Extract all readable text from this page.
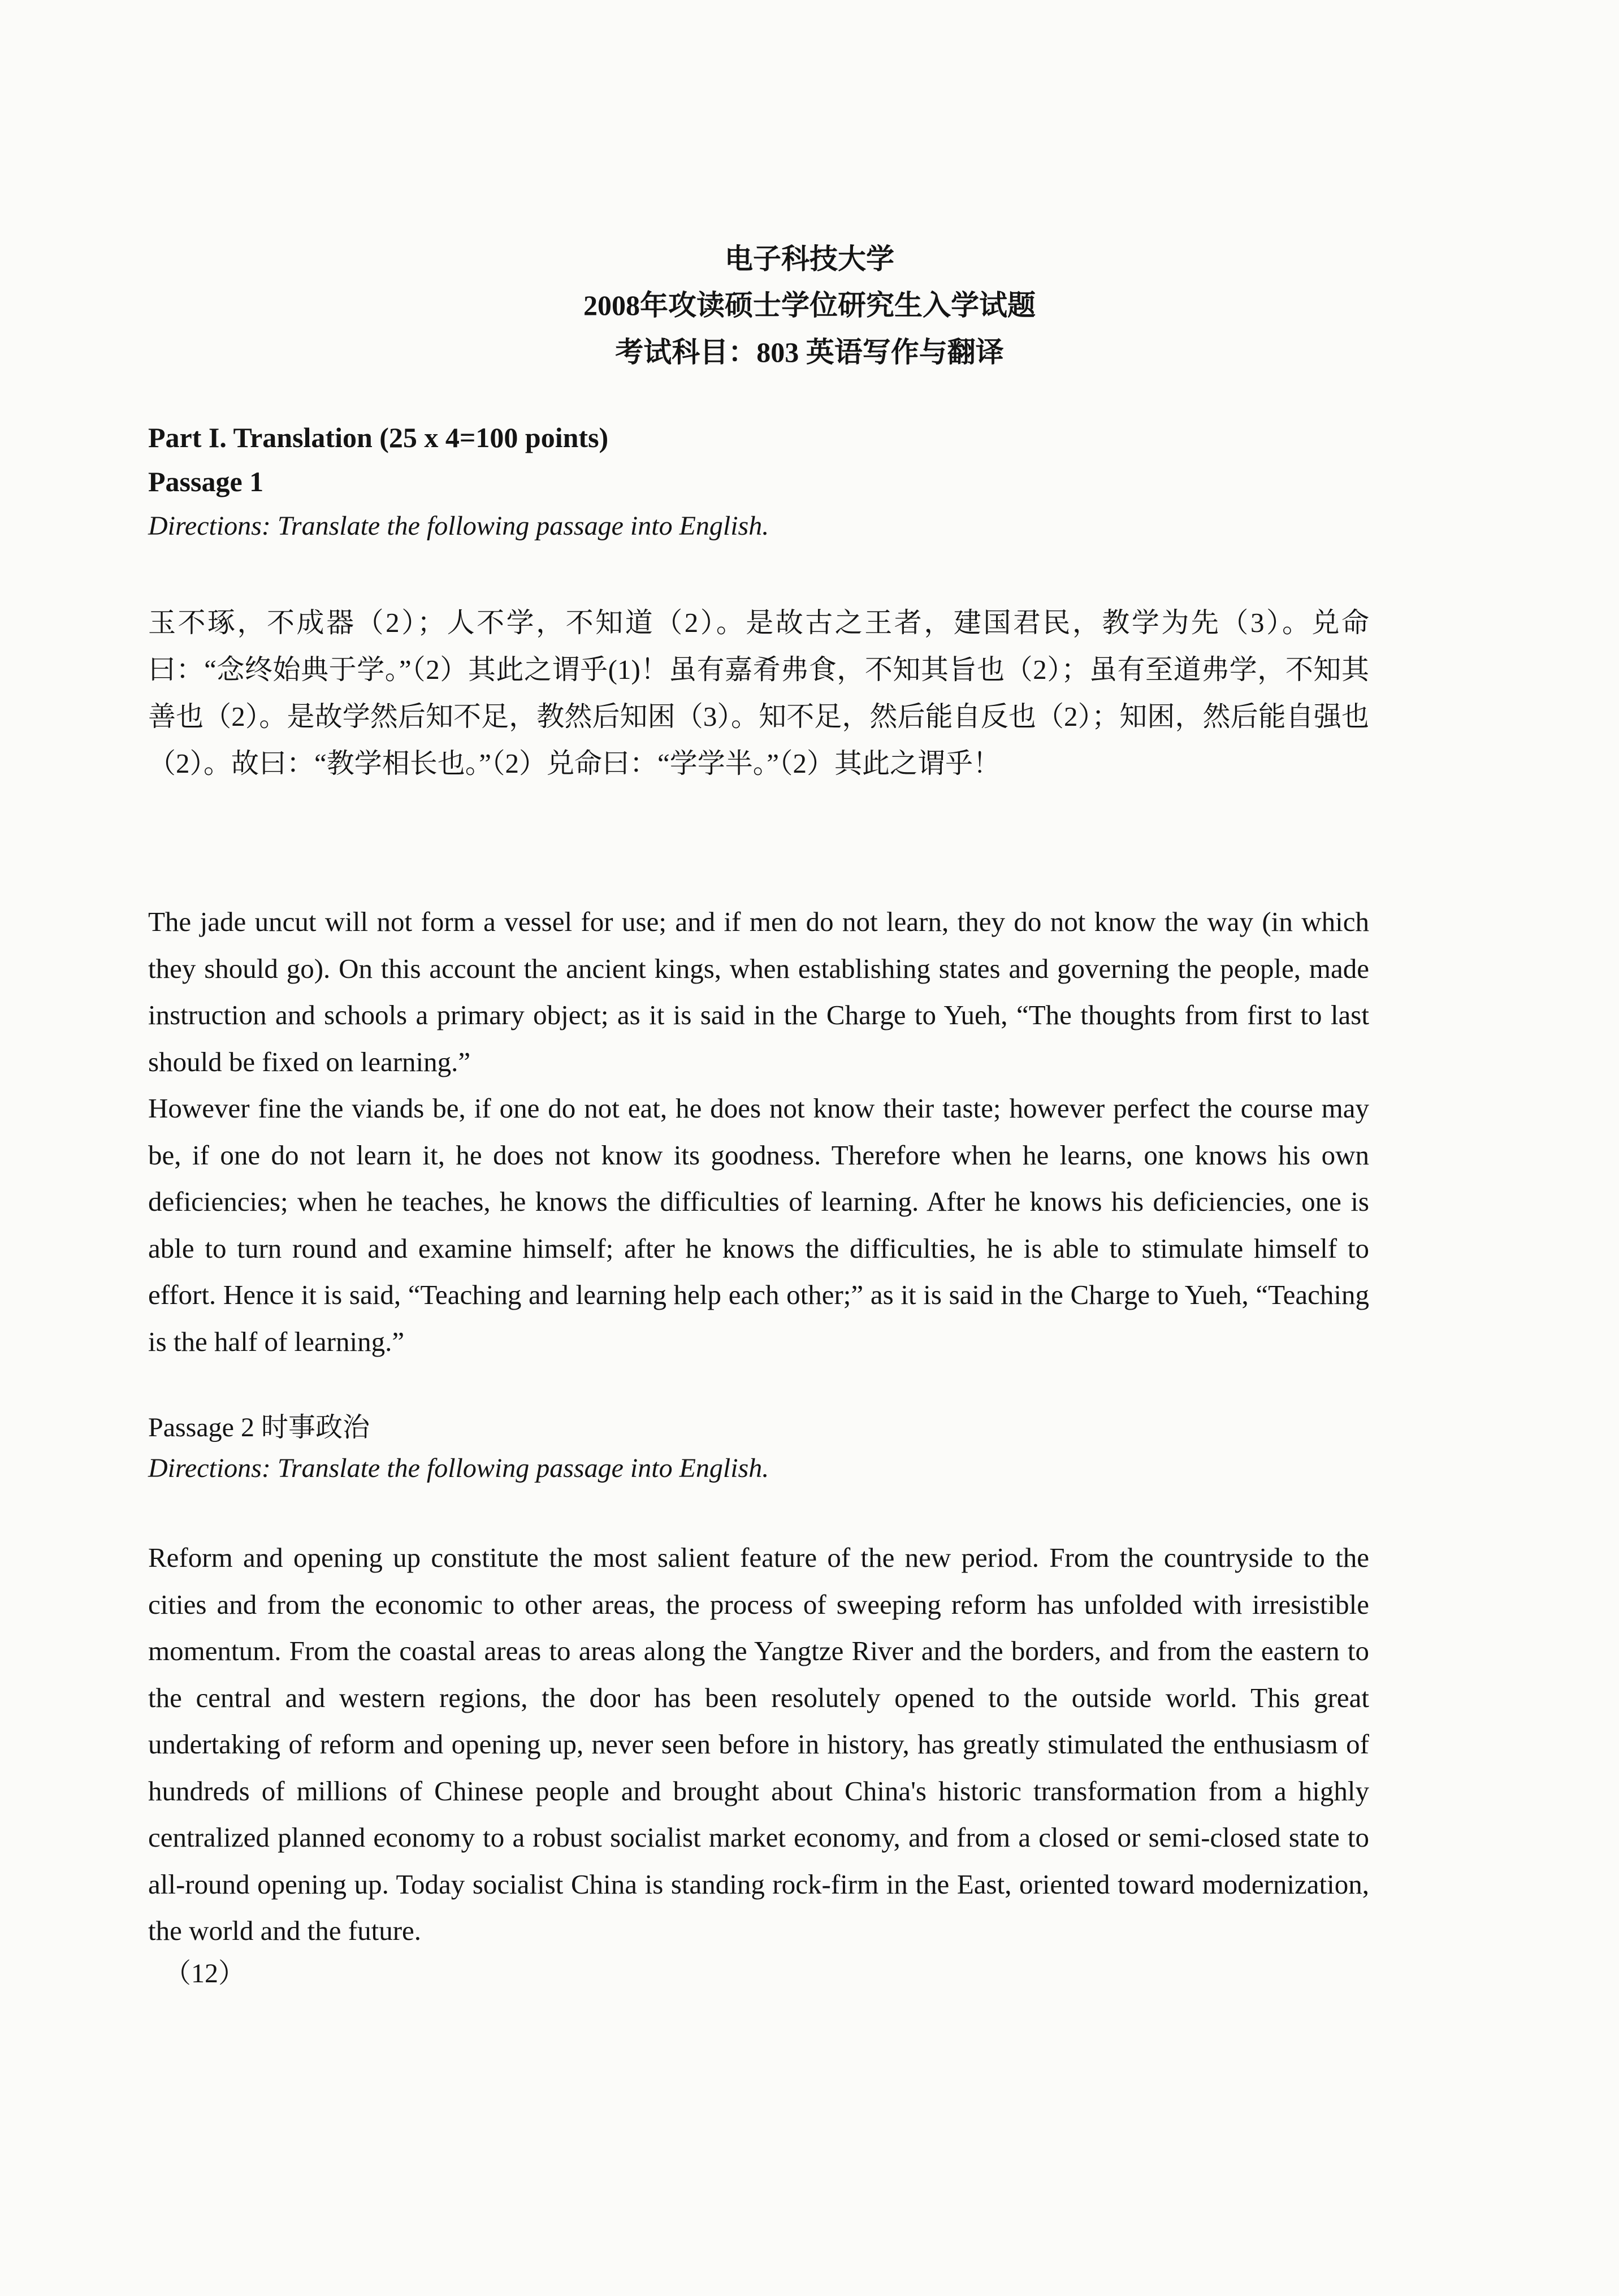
电子科技大学
2008年攻读硕士学位研究生入学试题
考试科目：803 英语写作与翻译
Part I. Translation (25 x 4=100 points)
Passage 1
Directions: Translate the following passage into English.

玉不琢，不成器（2）；人不学，不知道（2）。是故古之王者，建国君民，教学为先（3）。兑命曰：“念终始典于学。”（2）其此之谓乎(1)！虽有嘉肴弗食，不知其旨也（2）；虽有至道弗学，不知其善也（2）。是故学然后知不足，教然后知困（3）。知不足，然后能自反也（2）；知困，然后能自强也（2）。故曰：“教学相长也。”（2）兑命曰：“学学半。”（2）其此之谓乎！

The jade uncut will not form a vessel for use; and if men do not learn, they do not know the way (in which they should go). On this account the ancient kings, when establishing states and governing the people, made instruction and schools a primary object; as it is said in the Charge to Yueh, “The thoughts from first to last should be fixed on learning.”

However fine the viands be, if one do not eat, he does not know their taste; however perfect the course may be, if one do not learn it, he does not know its goodness. Therefore when he learns, one knows his own deficiencies; when he teaches, he knows the difficulties of learning. After he knows his deficiencies, one is able to turn round and examine himself; after he knows the difficulties, he is able to stimulate himself to effort. Hence it is said, “Teaching and learning help each other;” as it is said in the Charge to Yueh, “Teaching is the half of learning.”

Passage 2 时事政治
Directions: Translate the following passage into English.

Reform and opening up constitute the most salient feature of the new period. From the countryside to the cities and from the economic to other areas, the process of sweeping reform has unfolded with irresistible momentum. From the coastal areas to areas along the Yangtze River and the borders, and from the eastern to the central and western regions, the door has been resolutely opened to the outside world. This great undertaking of reform and opening up, never seen before in history, has greatly stimulated the enthusiasm of hundreds of millions of Chinese people and brought about China's historic transformation from a highly centralized planned economy to a robust socialist market economy, and from a closed or semi-closed state to all-round opening up. Today socialist China is standing rock-firm in the East, oriented toward modernization, the world and the future.

（12）
